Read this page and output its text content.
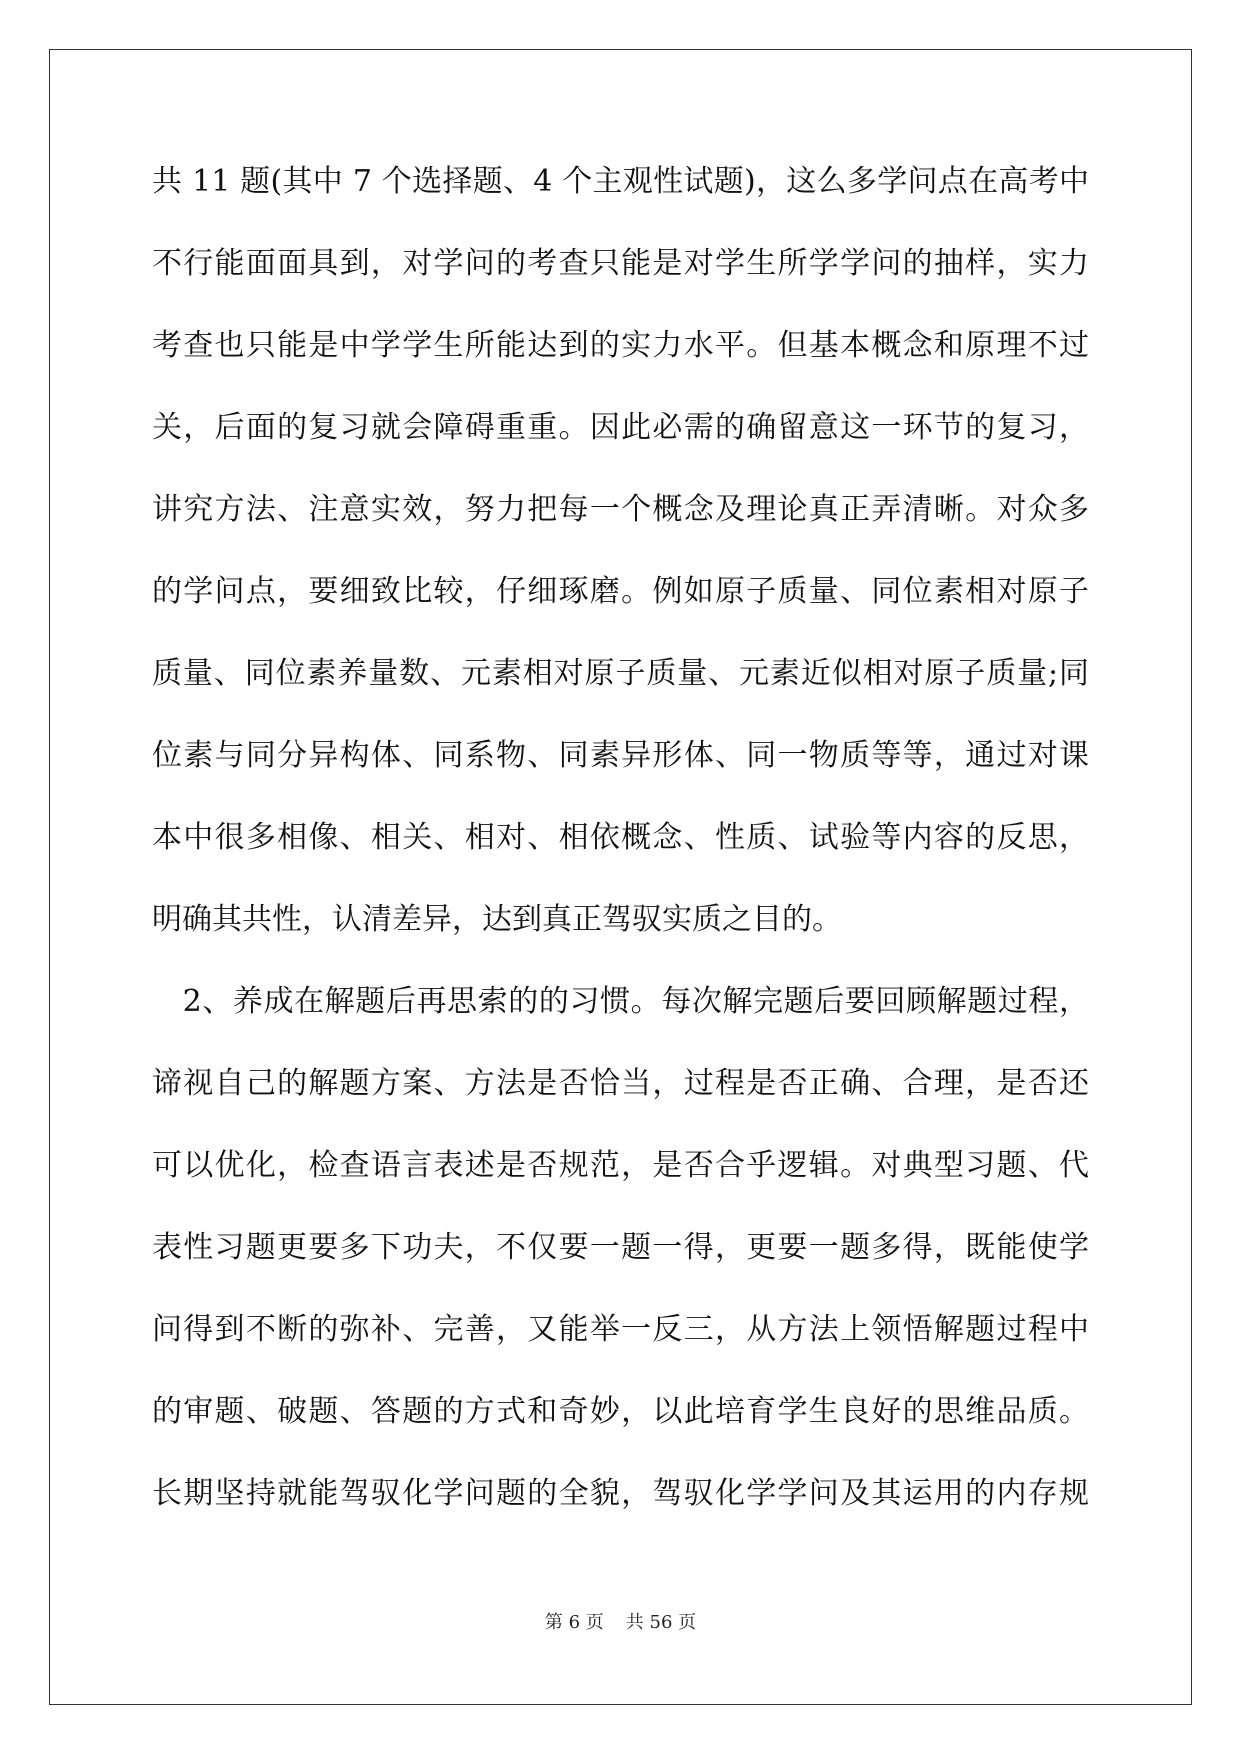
共 11 题(其中 7 个选择题、4 个主观性试题)，这么多学问点在高考中
不行能面面具到，对学问的考查只能是对学生所学学问的抽样，实力
考查也只能是中学学生所能达到的实力水平。但基本概念和原理不过
关，后面的复习就会障碍重重。因此必需的确留意这一环节的复习，
讲究方法、注意实效，努力把每一个概念及理论真正弄清晰。对众多
的学问点，要细致比较，仔细琢磨。例如原子质量、同位素相对原子
质量、同位素养量数、元素相对原子质量、元素近似相对原子质量;同
位素与同分异构体、同系物、同素异形体、同一物质等等，通过对课
本中很多相像、相关、相对、相依概念、性质、试验等内容的反思，
明确其共性，认清差异，达到真正驾驭实质之目的。
　2、养成在解题后再思索的的习惯。每次解完题后要回顾解题过程，
谛视自己的解题方案、方法是否恰当，过程是否正确、合理，是否还
可以优化，检查语言表述是否规范，是否合乎逻辑。对典型习题、代
表性习题更要多下功夫，不仅要一题一得，更要一题多得，既能使学
问得到不断的弥补、完善，又能举一反三，从方法上领悟解题过程中
的审题、破题、答题的方式和奇妙，以此培育学生良好的思维品质。
长期坚持就能驾驭化学问题的全貌，驾驭化学学问及其运用的内存规
第 6 页 共 56 页
